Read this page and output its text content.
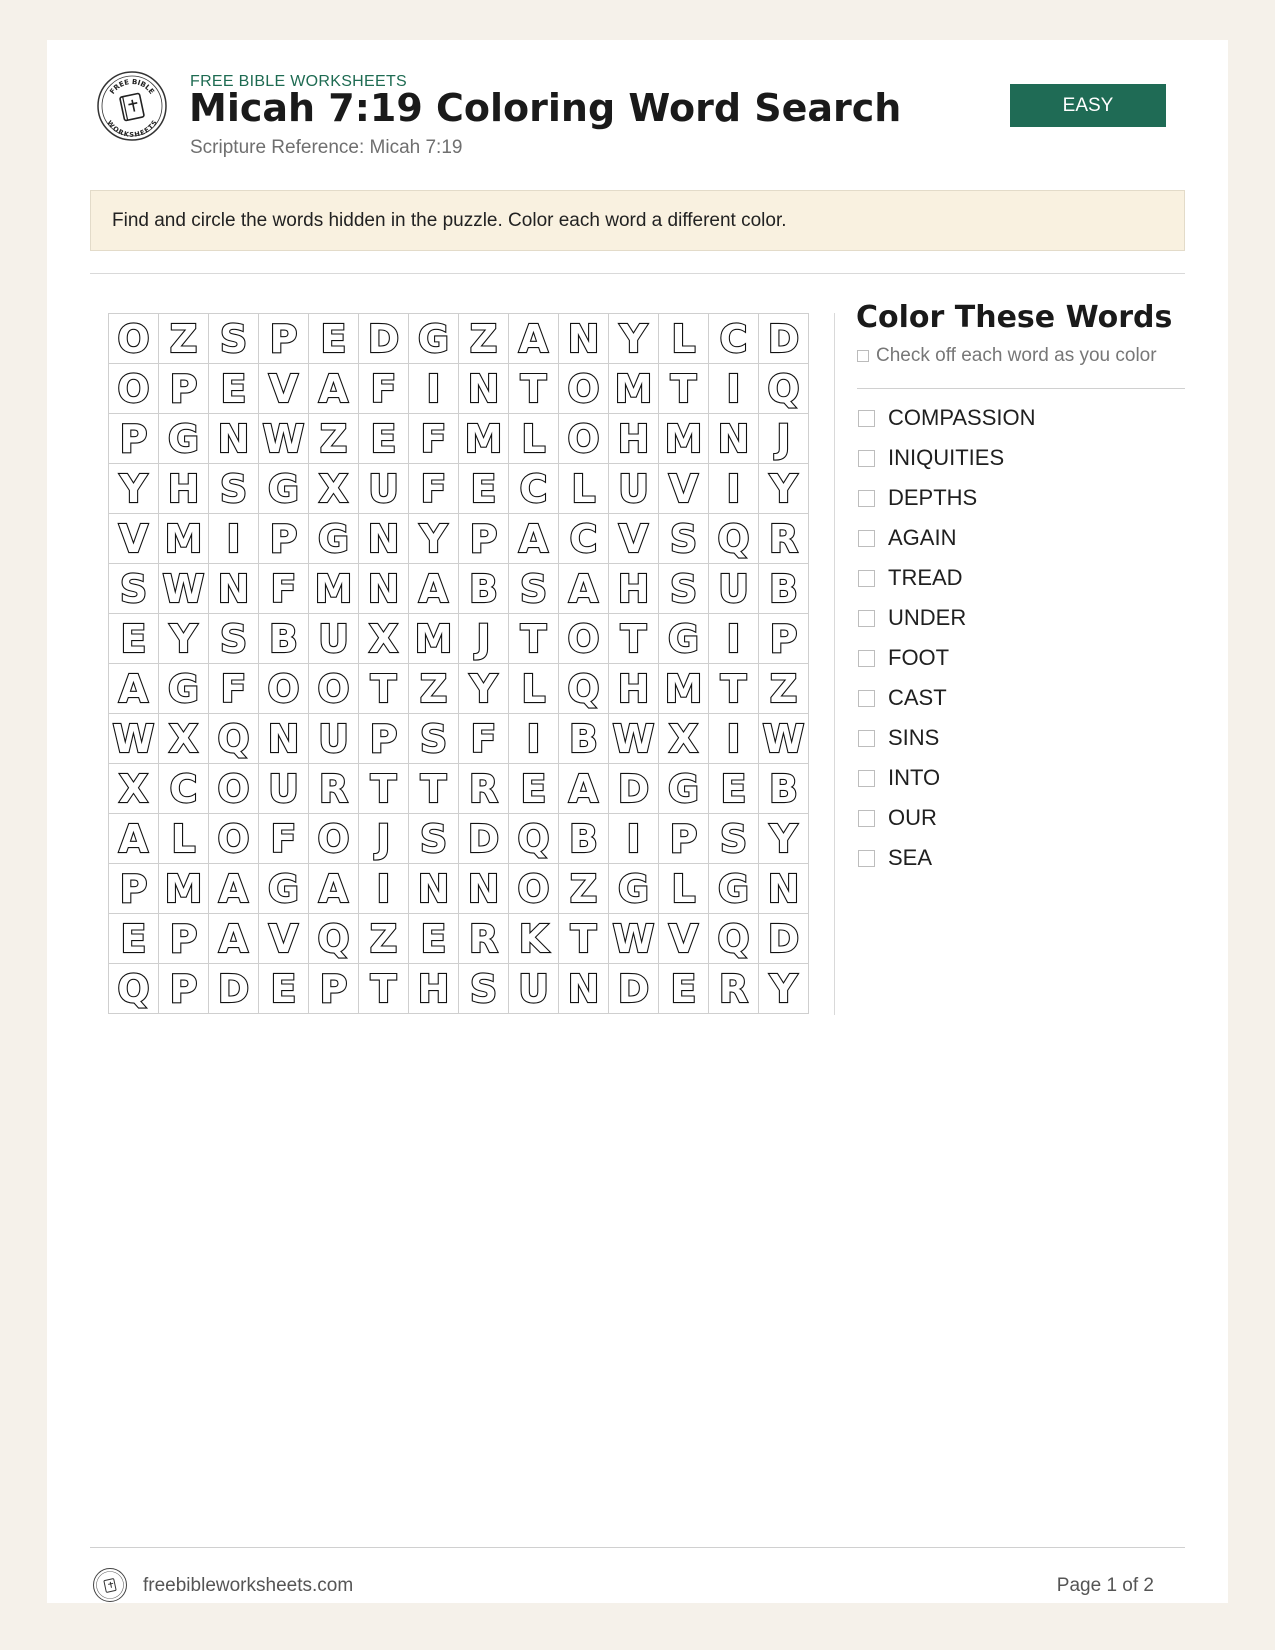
FREE BIBLE
WORKSHEETS
FREE BIBLE WORKSHEETS
Micah 7:19 Coloring Word Search
Scripture Reference: Micah 7:19
EASY
Find and circle the words hidden in the puzzle. Color each word a different color.
O Z S P E D G Z A N Y L C D
O P E V A F I N T O M T I Q
P G N W Z E F M L O H M N J
Y H S G X U F E C L U V I Y
V M I P G N Y P A C V S Q R
S W N F M N A B S A H S U B
E Y S B U X M J T O T G I P
A G F O O T Z Y L Q H M T Z
W X Q N U P S F I B W X I W
X C O U R T T R E A D G E B
A L O F O J S D Q B I P S Y
P M A G A I N N O Z G L G N
E P A V Q Z E R K T W V Q D
Q P D E P T H S U N D E R Y
Color These Words
Check off each word as you color
COMPASSION
INIQUITIES
DEPTHS
AGAIN
TREAD
UNDER
FOOT
CAST
SINS
INTO
OUR
SEA
freebibleworksheets.com	Page 1 of 2
